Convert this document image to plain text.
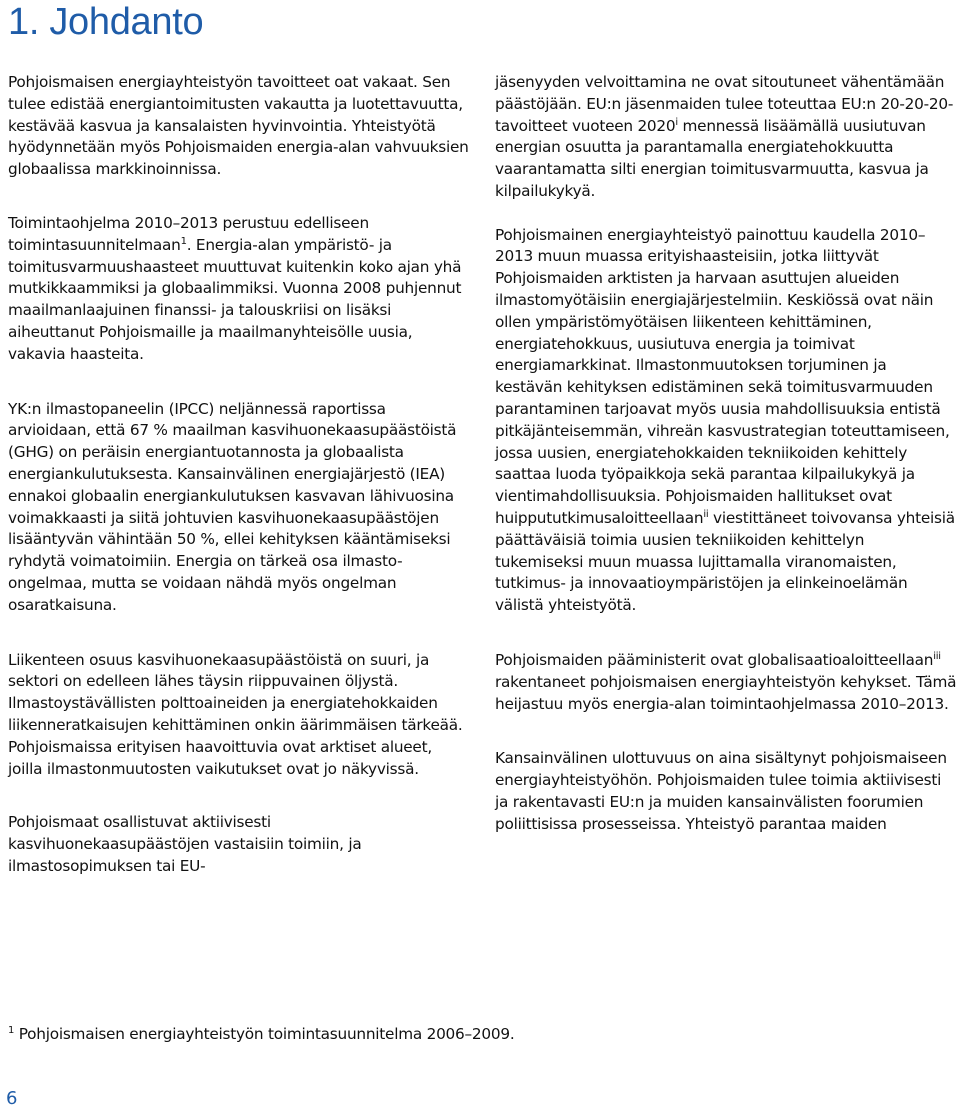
1. Johdanto

Pohjoismaisen energiayhteistyön tavoitteet oat vakaat. Sen tulee edistää energiantoimitusten vakautta ja luotettavuutta, kestävää kasvua ja kansalaisten hyvinvointia. Yhteistyötä hyödynnetään myös Pohjoismaiden energia-alan vahvuuksien globaalissa markkinoinnissa.

Toimintaohjelma 2010–2013 perustuu edelliseen toimintasuunnitelmaan$^1$. Energia-alan ympäristö- ja toimitusvarmuushaasteet muuttuvat kuitenkin koko ajan yhä mutkikkaammiksi ja globaalimmiksi. Vuonna 2008 puhjennut maailmanlaajuinen finanssi- ja talouskriisi on lisäksi aiheuttanut Pohjoismaille ja maailmanyhteisölle uusia, vakavia haasteita.

YK:n ilmastopaneelin (IPCC) neljännessä raportissa arvioidaan, että 67 % maailman kasvihuonekaasupäästöistä (GHG) on peräisin energiantuotannosta ja globaalista energiankulutuksesta. Kansainvälinen energiajärjestö (IEA) ennakoi globaalin energiankulutuksen kasvavan lähivuosina voimakkaasti ja siitä johtuvien kasvihuonekaasupäästöjen lisääntyvän vähintään 50 %, ellei kehityksen kääntämiseksi ryhdytä voimatoimiin. Energia on tärkeä osa ilmasto-ongelmaa, mutta se voidaan nähdä myös ongelman osaratkaisuna.

Liikenteen osuus kasvihuonekaasupäästöistä on suuri, ja sektori on edelleen lähes täysin riippuvainen öljystä. Ilmastoystävällisten polttoaineiden ja energiatehokkaiden liikenneratkaisujen kehittäminen onkin äärimmäisen tärkeää. Pohjoismaissa erityisen haavoittuvia ovat arktiset alueet, joilla ilmastonmuutosten vaikutukset ovat jo näkyvissä.

Pohjoismaat osallistuvat aktiivisesti kasvihuonekaasupäästöjen vastaisiin toimiin, ja ilmastosopimuksen tai EU-

jäsenyyden velvoittamina ne ovat sitoutuneet vähentämään päästöjään. EU:n jäsenmaiden tulee toteuttaa EU:n 20-20-20-tavoitteet vuoteen 2020$^i$ mennessä lisäämällä uusiutuvan energian osuutta ja parantamalla energiatehokkuutta vaarantamatta silti energian toimitusvarmuutta, kasvua ja kilpailukykyä.

Pohjoismainen energiayhteistyö painottuu kaudella 2010–2013 muun muassa erityishaasteisiin, jotka liittyvät Pohjoismaiden arktisten ja harvaan asuttujen alueiden ilmastomyötäisiin energiajärjestelmiin. Keskiössä ovat näin ollen ympäristömyötäisen liikenteen kehittäminen, energiatehokkuus, uusiutuva energia ja toimivat energiamarkkinat. Ilmastonmuutoksen torjuminen ja kestävän kehityksen edistäminen sekä toimitusvarmuuden parantaminen tarjoavat myös uusia mahdollisuuksia entistä pitkäjänteisemmän, vihreän kasvustrategian toteuttamiseen, jossa uusien, energiatehokkaiden tekniikoiden kehittely saattaa luoda työpaikkoja sekä parantaa kilpailukykyä ja vientimahdollisuuksia. Pohjoismaiden hallitukset ovat huippututkimusaloitteellaan$^{ii}$ viestittäneet toivovansa yhteisiä päättäväisiä toimia uusien tekniikoiden kehittelyn tukemiseksi muun muassa lujittamalla viranomaisten, tutkimus- ja innovaatioympäristöjen ja elinkeinoelämän välistä yhteistyötä.

Pohjoismaiden pääministerit ovat globalisaatioaloitteellaan$^{iii}$ rakentaneet pohjoismaisen energiayhteistyön kehykset. Tämä heijastuu myös energia-alan toimintaohjelmassa 2010–2013.

Kansainvälinen ulottuvuus on aina sisältynyt pohjoismaiseen energiayhteistyöhön. Pohjoismaiden tulee toimia aktiivisesti ja rakentavasti EU:n ja muiden kansainvälisten foorumien poliittisissa prosesseissa. Yhteistyö parantaa maiden

$^1$ Pohjoismaisen energiayhteistyön toimintasuunnitelma 2006–2009.

6
